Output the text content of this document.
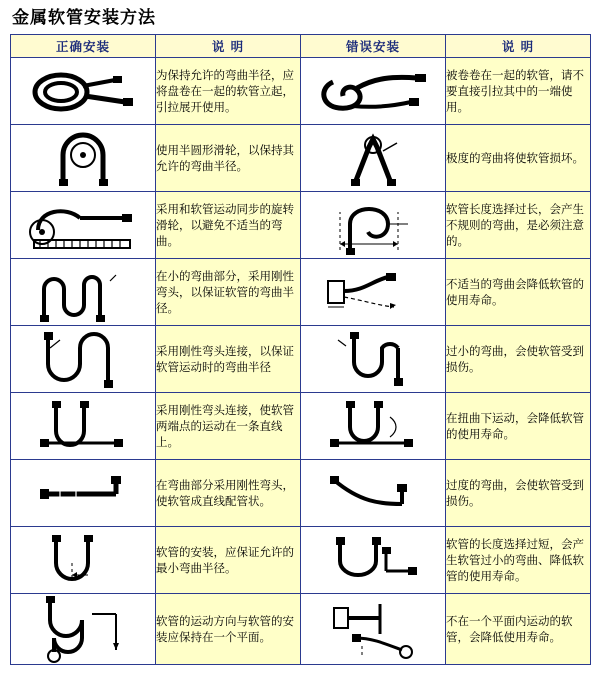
金属软管安装方法
正确安装	说 明	错误安装	说 明

	为保持允许的弯曲半径，应将盘卷在一起的软管立起，引拉展开使用。		被卷卷在一起的软管，请不要直接引拉其中的一端使用。

	使用半圆形滑轮，以保持其允许的弯曲半径。		极度的弯曲将使软管损坏。

	采用和软管运动同步的旋转滑轮，以避免不适当的弯曲。		软管长度选择过长，会产生不规则的弯曲，是必须注意的。

	在小的弯曲部分，采用刚性弯头，以保证软管的弯曲半径。		不适当的弯曲会降低软管的使用寿命。

	采用刚性弯头连接，以保证软管运动时的弯曲半径		过小的弯曲，会使软管受到损伤。

	采用刚性弯头连接，使软管两端点的运动在一条直线上。		在扭曲下运动，会降低软管的使用寿命。

	在弯曲部分采用刚性弯头，使软管成直线配管状。		过度的弯曲，会使软管受到损伤。

	软管的安装，应保证允许的最小弯曲半径。		软管的长度选择过短，会产生软管过小的弯曲、降低软管的使用寿命。

	软管的运动方向与软管的安装应保持在一个平面。		不在一个平面内运动的软管，会降低使用寿命。
